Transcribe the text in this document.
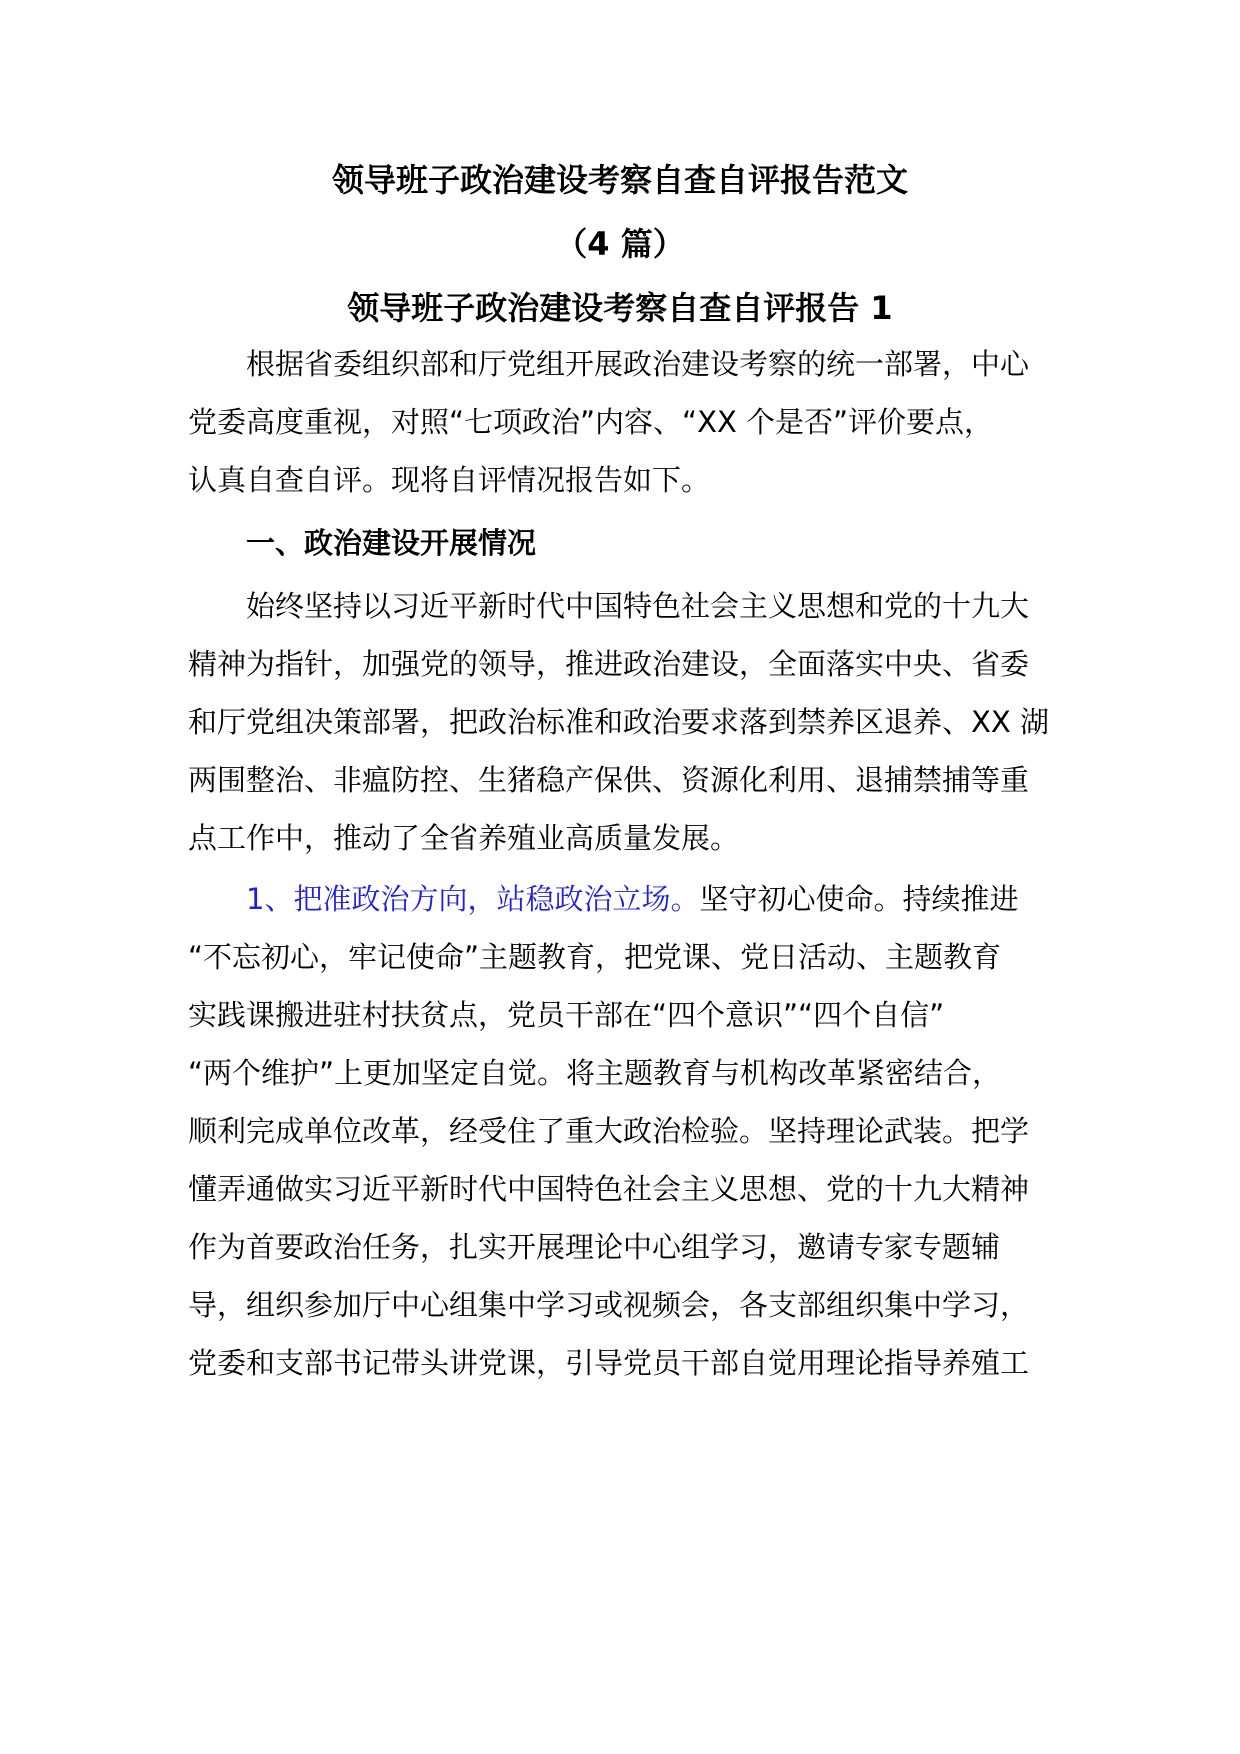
领导班子政治建设考察自查自评报告范文
（4 篇）
领导班子政治建设考察自查自评报告 1
根据省委组织部和厅党组开展政治建设考察的统一部署，中心
党委高度重视，对照“七项政治”内容、“XX 个是否”评价要点，
认真自查自评。现将自评情况报告如下。
一、政治建设开展情况
始终坚持以习近平新时代中国特色社会主义思想和党的十九大
精神为指针，加强党的领导，推进政治建设，全面落实中央、省委
和厅党组决策部署，把政治标准和政治要求落到禁养区退养、XX 湖
两围整治、非瘟防控、生猪稳产保供、资源化利用、退捕禁捕等重
点工作中，推动了全省养殖业高质量发展。
1、把准政治方向，站稳政治立场。坚守初心使命。持续推进
“不忘初心，牢记使命”主题教育，把党课、党日活动、主题教育
实践课搬进驻村扶贫点，党员干部在“四个意识”“四个自信”
“两个维护”上更加坚定自觉。将主题教育与机构改革紧密结合，
顺利完成单位改革，经受住了重大政治检验。坚持理论武装。把学
懂弄通做实习近平新时代中国特色社会主义思想、党的十九大精神
作为首要政治任务，扎实开展理论中心组学习，邀请专家专题辅
导，组织参加厅中心组集中学习或视频会，各支部组织集中学习，
党委和支部书记带头讲党课，引导党员干部自觉用理论指导养殖工
